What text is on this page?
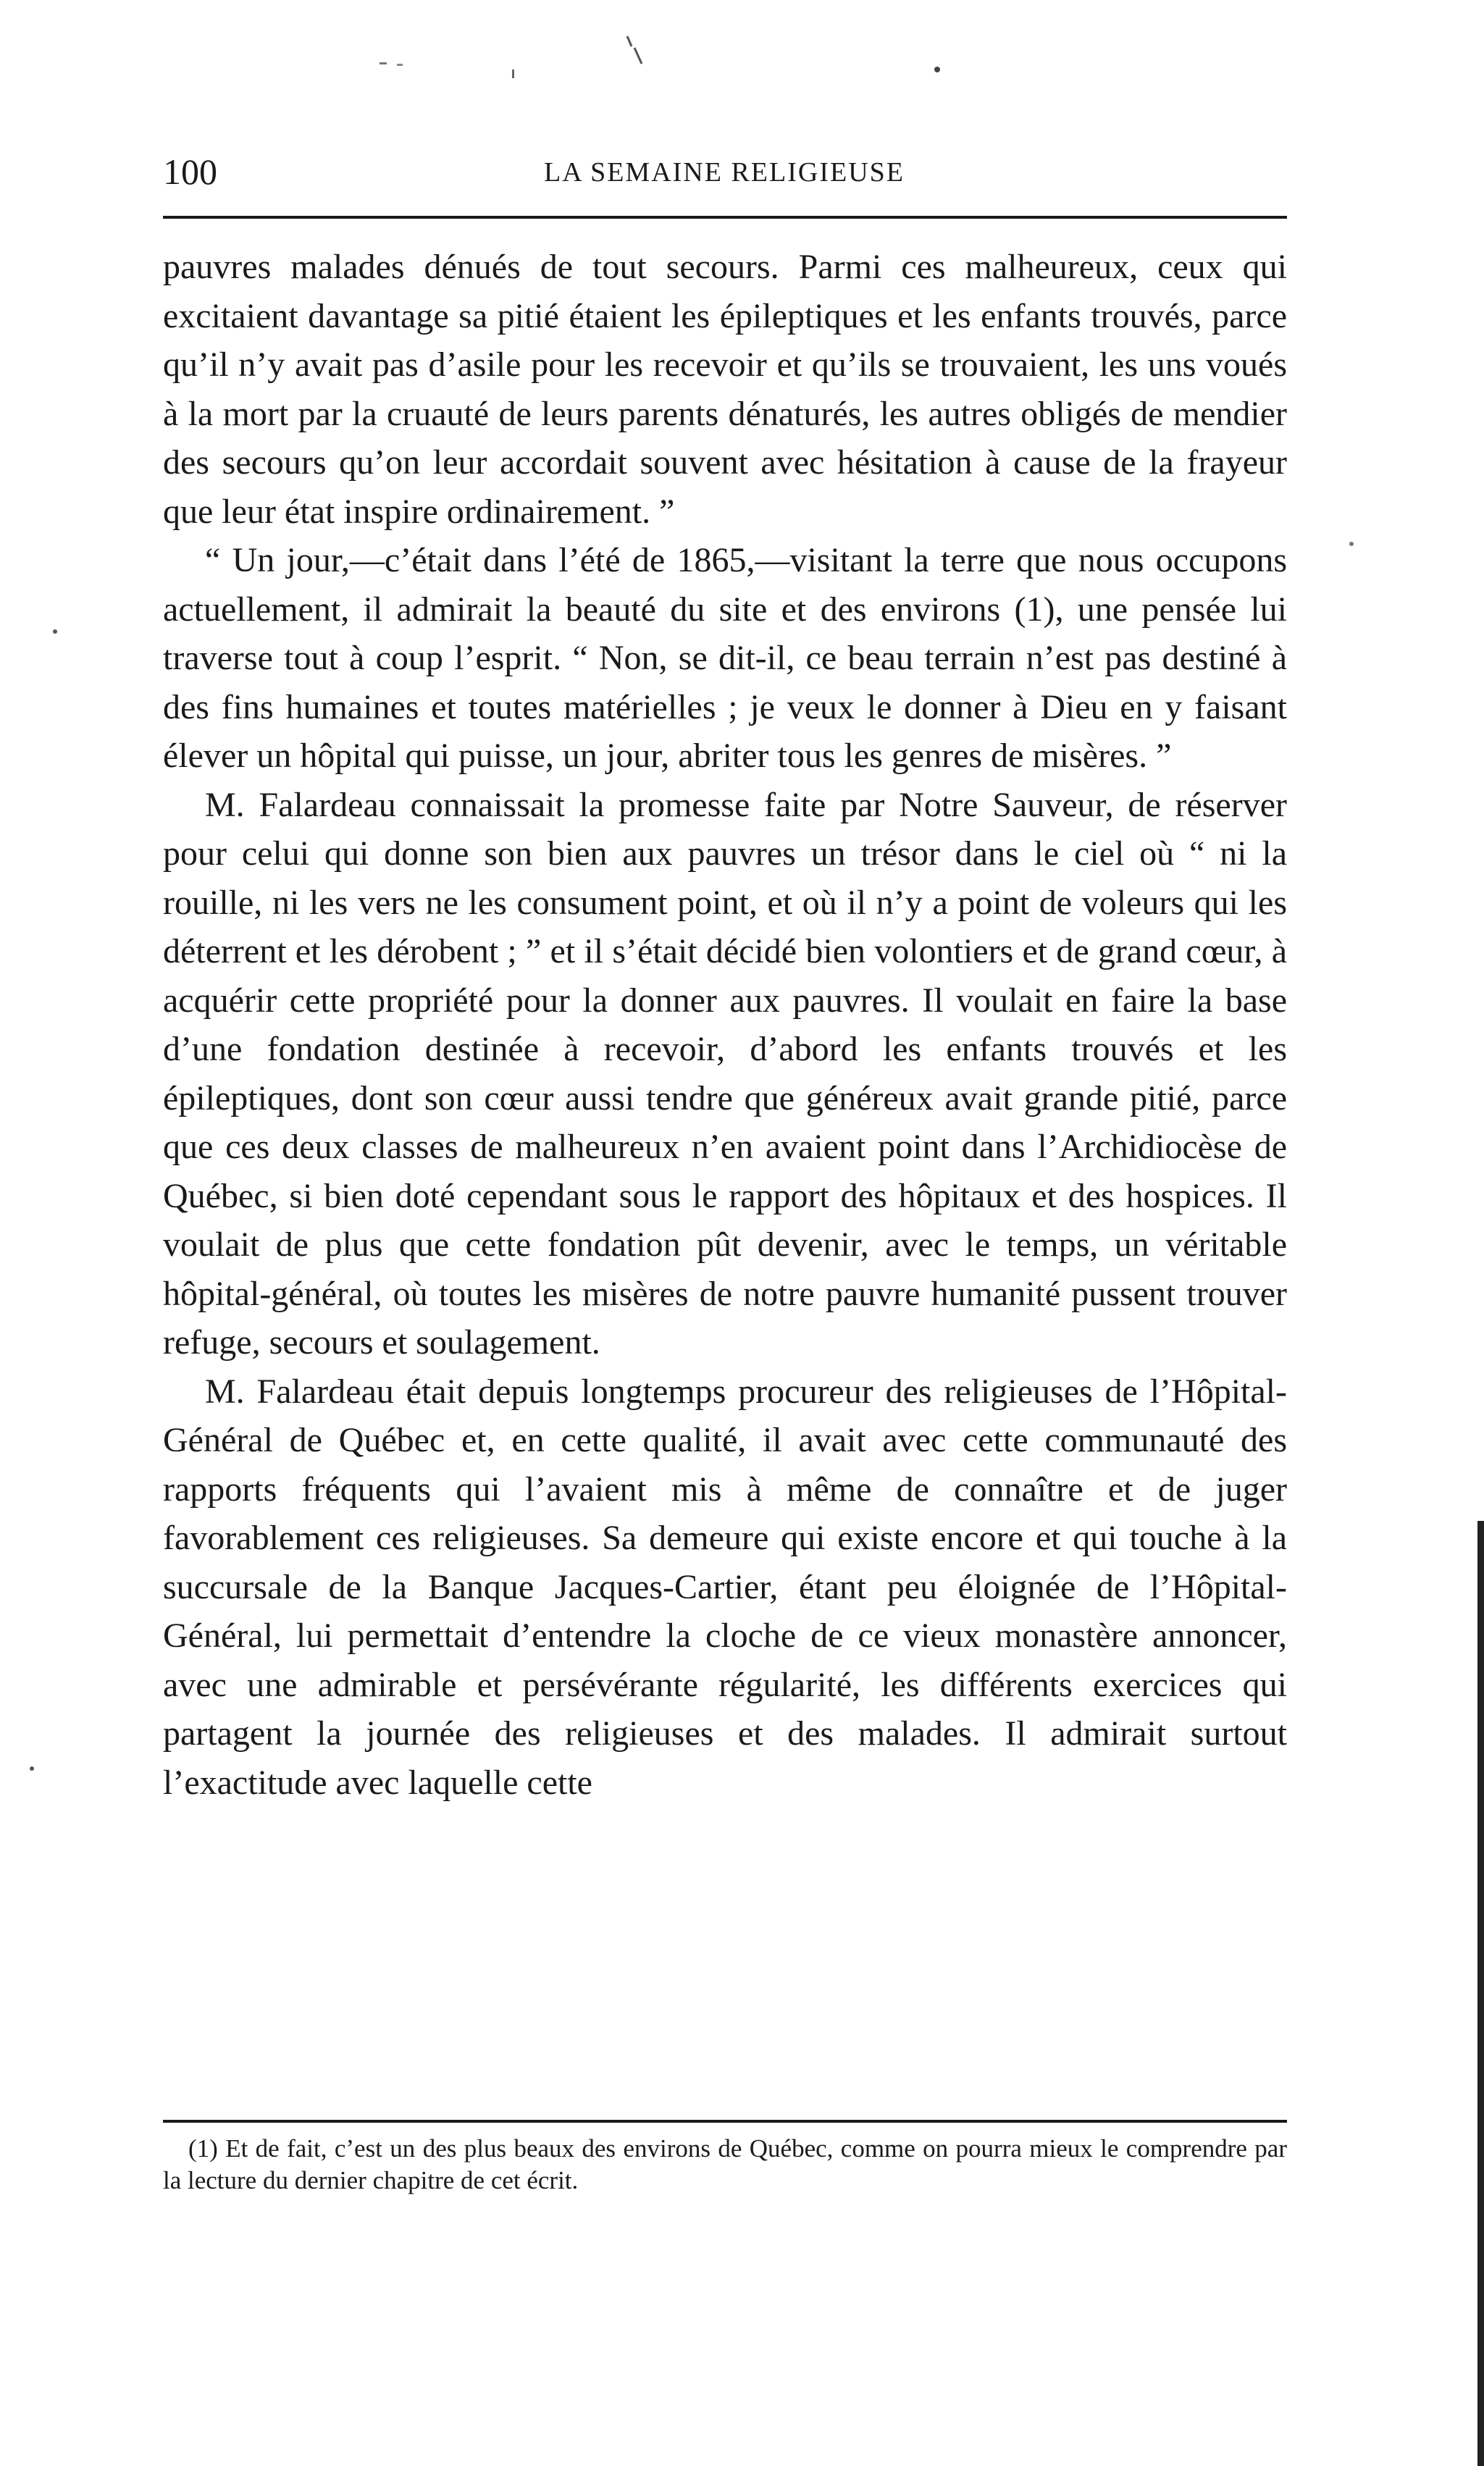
100	LA SEMAINE RELIGIEUSE

pauvres malades dénués de tout secours. Parmi ces malheureux, ceux qui excitaient davantage sa pitié étaient les épileptiques et les enfants trouvés, parce qu’il n’y avait pas d’asile pour les recevoir et qu’ils se trouvaient, les uns voués à la mort par la cruauté de leurs parents dénaturés, les autres obligés de mendier des secours qu’on leur accordait souvent avec hésitation à cause de la frayeur que leur état inspire ordinairement. ”

“ Un jour,—c’était dans l’été de 1865,—visitant la terre que nous occupons actuellement, il admirait la beauté du site et des environs (1), une pensée lui traverse tout à coup l’esprit. “ Non, se dit-il, ce beau terrain n’est pas destiné à des fins humaines et toutes matérielles ; je veux le donner à Dieu en y faisant élever un hôpital qui puisse, un jour, abriter tous les genres de misères. ”

M. Falardeau connaissait la promesse faite par Notre Sauveur, de réserver pour celui qui donne son bien aux pauvres un trésor dans le ciel où “ ni la rouille, ni les vers ne les consument point, et où il n’y a point de voleurs qui les déterrent et les dérobent ; ” et il s’était décidé bien volontiers et de grand cœur, à acquérir cette propriété pour la donner aux pauvres. Il voulait en faire la base d’une fondation destinée à recevoir, d’abord les enfants trouvés et les épileptiques, dont son cœur aussi tendre que généreux avait grande pitié, parce que ces deux classes de malheureux n’en avaient point dans l’Archidiocèse de Québec, si bien doté cependant sous le rapport des hôpitaux et des hospices. Il voulait de plus que cette fondation pût devenir, avec le temps, un véritable hôpital-général, où toutes les misères de notre pauvre humanité pussent trouver refuge, secours et soulagement.

M. Falardeau était depuis longtemps procureur des religieuses de l’Hôpital-Général de Québec et, en cette qualité, il avait avec cette communauté des rapports fréquents qui l’avaient mis à même de connaître et de juger favorablement ces religieuses. Sa demeure qui existe encore et qui touche à la succursale de la Banque Jacques-Cartier, étant peu éloignée de l’Hôpital-Général, lui permettait d’entendre la cloche de ce vieux monastère annoncer, avec une admirable et persévérante régularité, les différents exercices qui partagent la journée des religieuses et des malades. Il admirait surtout l’exactitude avec laquelle cette

(1) Et de fait, c’est un des plus beaux des environs de Québec, comme on pourra mieux le comprendre par la lecture du dernier chapitre de cet écrit.
